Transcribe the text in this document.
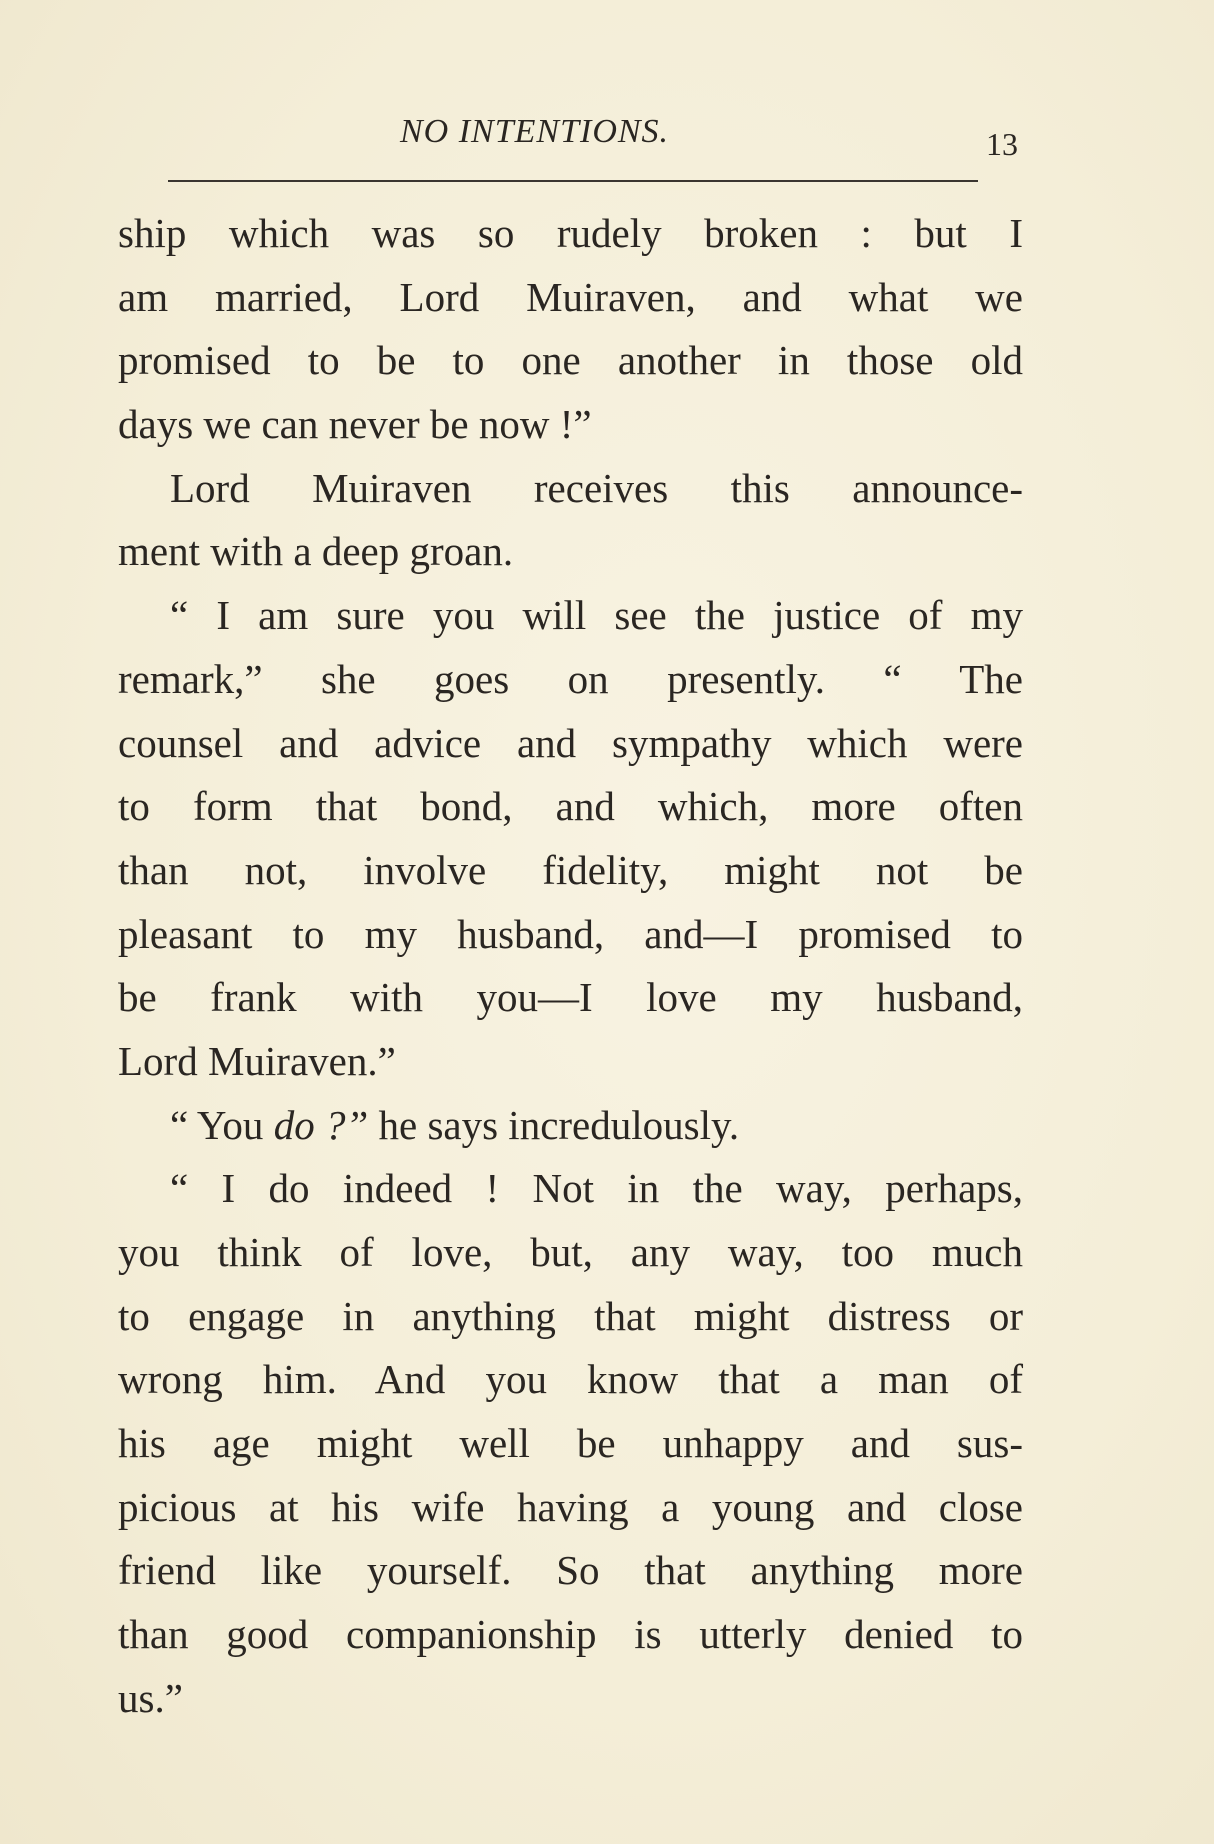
NO INTENTIONS.	13
ship which was so rudely broken : but I
am married, Lord Muiraven, and what we
promised to be to one another in those old
days we can never be now !”
Lord Muiraven receives this announce-
ment with a deep groan.
“ I am sure you will see the justice of my
remark,” she goes on presently. “ The
counsel and advice and sympathy which were
to form that bond, and which, more often
than not, involve fidelity, might not be
pleasant to my husband, and—I promised to
be frank with you—I love my husband,
Lord Muiraven.”
“ You do ?” he says incredulously.
“ I do indeed ! Not in the way, perhaps,
you think of love, but, any way, too much
to engage in anything that might distress or
wrong him. And you know that a man of
his age might well be unhappy and sus-
picious at his wife having a young and close
friend like yourself. So that anything more
than good companionship is utterly denied to
us.”
